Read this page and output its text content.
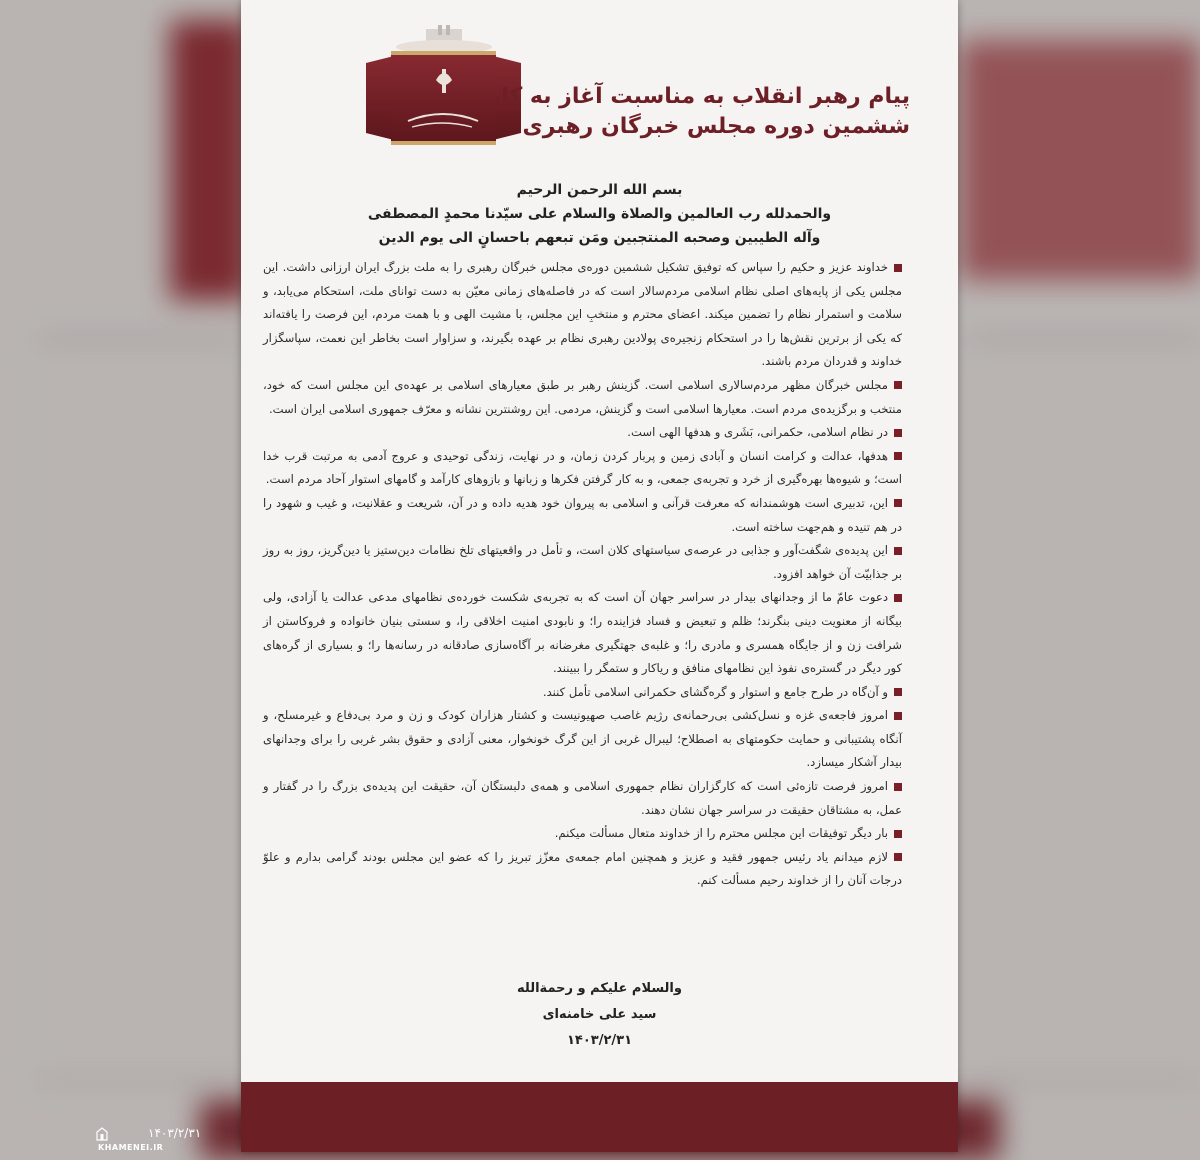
پیام رهبر انقلاب به مناسبت آغاز به کار
ششمین دوره مجلس خبرگان رهبری
بسم الله الرحمن الرحیم
والحمدلله رب العالمین والصلاة والسلام علی سیّدنا محمدٍ المصطفی
وآله الطیبین وصحبه المنتجبین ومَن تبعهم باحسانٍ الی یوم الدین
خداوند عزیز و حکیم را سپاس که توفیق تشکیل ششمین دوره‌ی مجلس خبرگان رهبری را به ملت بزرگ ایران ارزانی داشت. این مجلس یکی از پایه‌های اصلی نظام اسلامی مردم‌سالار است که در فاصله‌های زمانی معیّن به دست توانای ملت، استحکام می‌یابد، و سلامت و استمرار نظام را تضمین میکند. اعضای محترم و منتخبِ این مجلس، با مشیت الهی و با همت مردم، این فرصت را یافته‌اند که یکی از برترین نقش‌ها را در استحکام زنجیره‌ی پولادین رهبری نظام بر عهده بگیرند، و سزاوار است بخاطر این نعمت، سپاسگزار خداوند و قدردان مردم باشند.
مجلس خبرگان مظهر مردم‌سالاری اسلامی است. گزینش رهبر بر طبق معیارهای اسلامی بر عهده‌ی این مجلس است که خود، منتخب و برگزیده‌ی مردم است. معیارها اسلامی است و گزینش، مردمی. این روشنترین نشانه و معرّف جمهوری اسلامی ایران است.
در نظام اسلامی، حکمرانی، بَشَری و هدفها الهی است.
هدفها، عدالت و کرامت انسان و آبادی زمین و پربار کردن زمان، و در نهایت، زندگی توحیدی و عروج آدمی به مرتبت قرب خدا است؛ و شیوه‌ها بهره‌گیری از خرد و تجربه‌ی جمعی، و به کار گرفتن فکرها و زبانها و بازوهای کارآمد و گامهای استوار آحاد مردم است.
این، تدبیری است هوشمندانه که معرفت قرآنی و اسلامی به پیروان خود هدیه داده و در آن، شریعت و عقلانیت، و غیب و شهود را در هم تنیده و هم‌جهت ساخته است.
این پدیده‌ی شگفت‌آور و جذابی در عرصه‌ی سیاستهای کلان است، و تأمل در واقعیتهای تلخ نظامات دین‌ستیز یا دین‌گریز، روز به روز بر جذابیّت آن خواهد افزود.
دعوت عامّ ما از وجدانهای بیدار در سراسر جهان آن است که به تجربه‌ی شکست خورده‌ی نظامهای مدعی عدالت یا آزادی، ولی بیگانه از معنویت دینی بنگرند؛ ظلم و تبعیض و فساد فزاینده را؛ و نابودی امنیت اخلاقی را، و سستی بنیان خانواده و فروکاستن از شرافت زن و از جایگاه همسری و مادری را؛ و غلبه‌ی جهتگیری مغرضانه بر آگاه‌سازی صادقانه در رسانه‌ها را؛ و بسیاری از گره‌های کور دیگر در گستره‌ی نفوذ این نظامهای منافق و ریاکار و ستمگر را ببینند.
و آن‌گاه در طرح جامع و استوار و گره‌گشای حکمرانی اسلامی تأمل کنند.
امروز فاجعه‌ی غزه و نسل‌کشی بی‌رحمانه‌ی رژیم غاصب صهیونیست و کشتار هزاران کودک و زن و مرد بی‌دفاع و غیرمسلح، و آنگاه پشتیبانی و حمایت حکومتهای به اصطلاح؛ لیبرال غربی از این گرگ خونخوار، معنی آزادی و حقوق بشر غربی را برای وجدانهای بیدار آشکار میسازد.
امروز فرصت تازه‌ئی است که کارگزاران نظام جمهوری اسلامی و همه‌ی دلبستگان آن، حقیقت این پدیده‌ی بزرگ را در گفتار و عمل، به مشتاقان حقیقت در سراسر جهان نشان دهند.
بار دیگر توفیقات این مجلس محترم را از خداوند متعال مسألت میکنم.
لازم میدانم یاد رئیس جمهور فقید و عزیز و همچنین امام جمعه‌ی معزّز تبریز را که عضو این مجلس بودند گرامی بدارم و علوّ درجات آنان را از خداوند رحیم مسألت کنم.
والسلام علیکم و رحمة‌الله
سید علی خامنه‌ای
۱۴۰۳/۲/۳۱
۱۴۰۳/۲/۳۱
KHAMENEI.IR
